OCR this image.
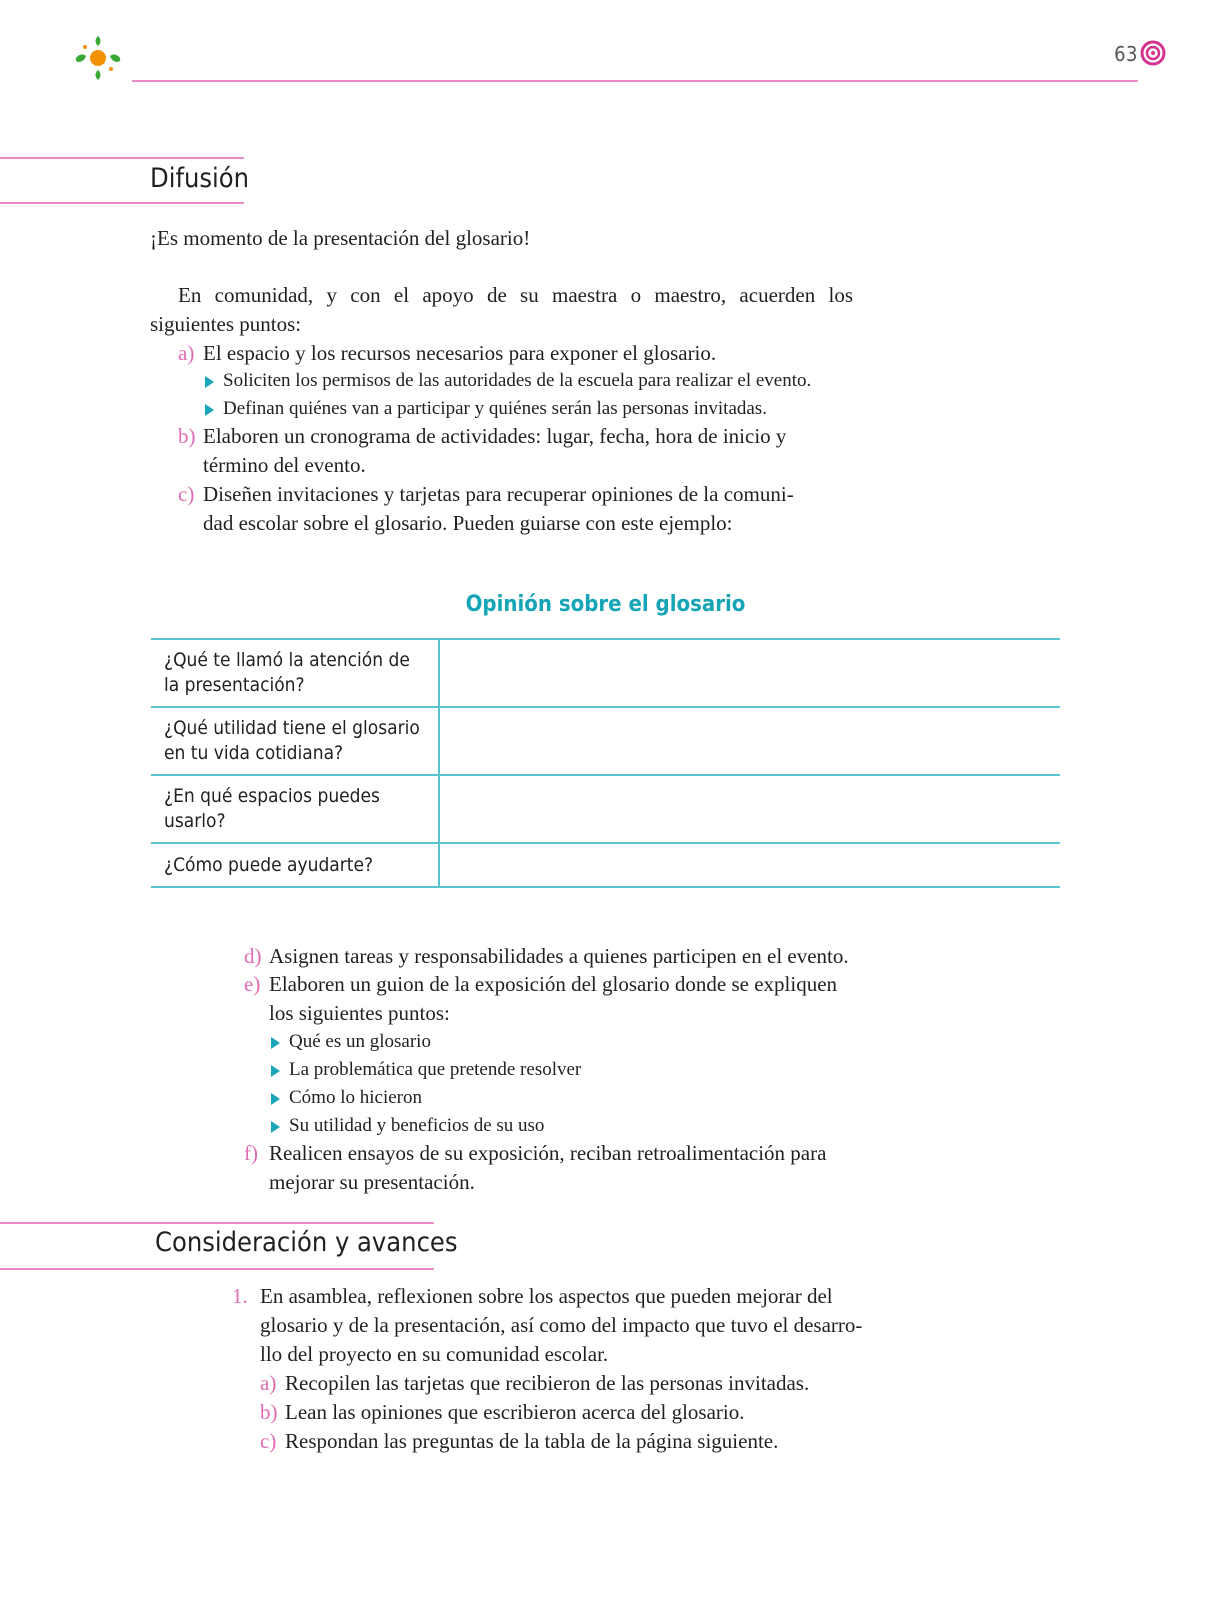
63
Difusión
¡Es momento de la presentación del glosario!
En comunidad, y con el apoyo de su maestra o maestro, acuerden los
siguientes puntos:
a) El espacio y los recursos necesarios para exponer el glosario.
Soliciten los permisos de las autoridades de la escuela para realizar el evento.
Definan quiénes van a participar y quiénes serán las personas invitadas.
b) Elaboren un cronograma de actividades: lugar, fecha, hora de inicio y
término del evento.
c) Diseñen invitaciones y tarjetas para recuperar opiniones de la comuni-
dad escolar sobre el glosario. Pueden guiarse con este ejemplo:
Opinión sobre el glosario
¿Qué te llamó la atención de
la presentación?	
¿Qué utilidad tiene el glosario
en tu vida cotidiana?	
¿En qué espacios puedes
usarlo?	
¿Cómo puede ayudarte?	
d) Asignen tareas y responsabilidades a quienes participen en el evento.
e) Elaboren un guion de la exposición del glosario donde se expliquen
los siguientes puntos:
Qué es un glosario
La problemática que pretende resolver
Cómo lo hicieron
Su utilidad y beneficios de su uso
f) Realicen ensayos de su exposición, reciban retroalimentación para
mejorar su presentación.
Consideración y avances
1. En asamblea, reflexionen sobre los aspectos que pueden mejorar del
glosario y de la presentación, así como del impacto que tuvo el desarro-
llo del proyecto en su comunidad escolar.
a) Recopilen las tarjetas que recibieron de las personas invitadas.
b) Lean las opiniones que escribieron acerca del glosario.
c) Respondan las preguntas de la tabla de la página siguiente.
